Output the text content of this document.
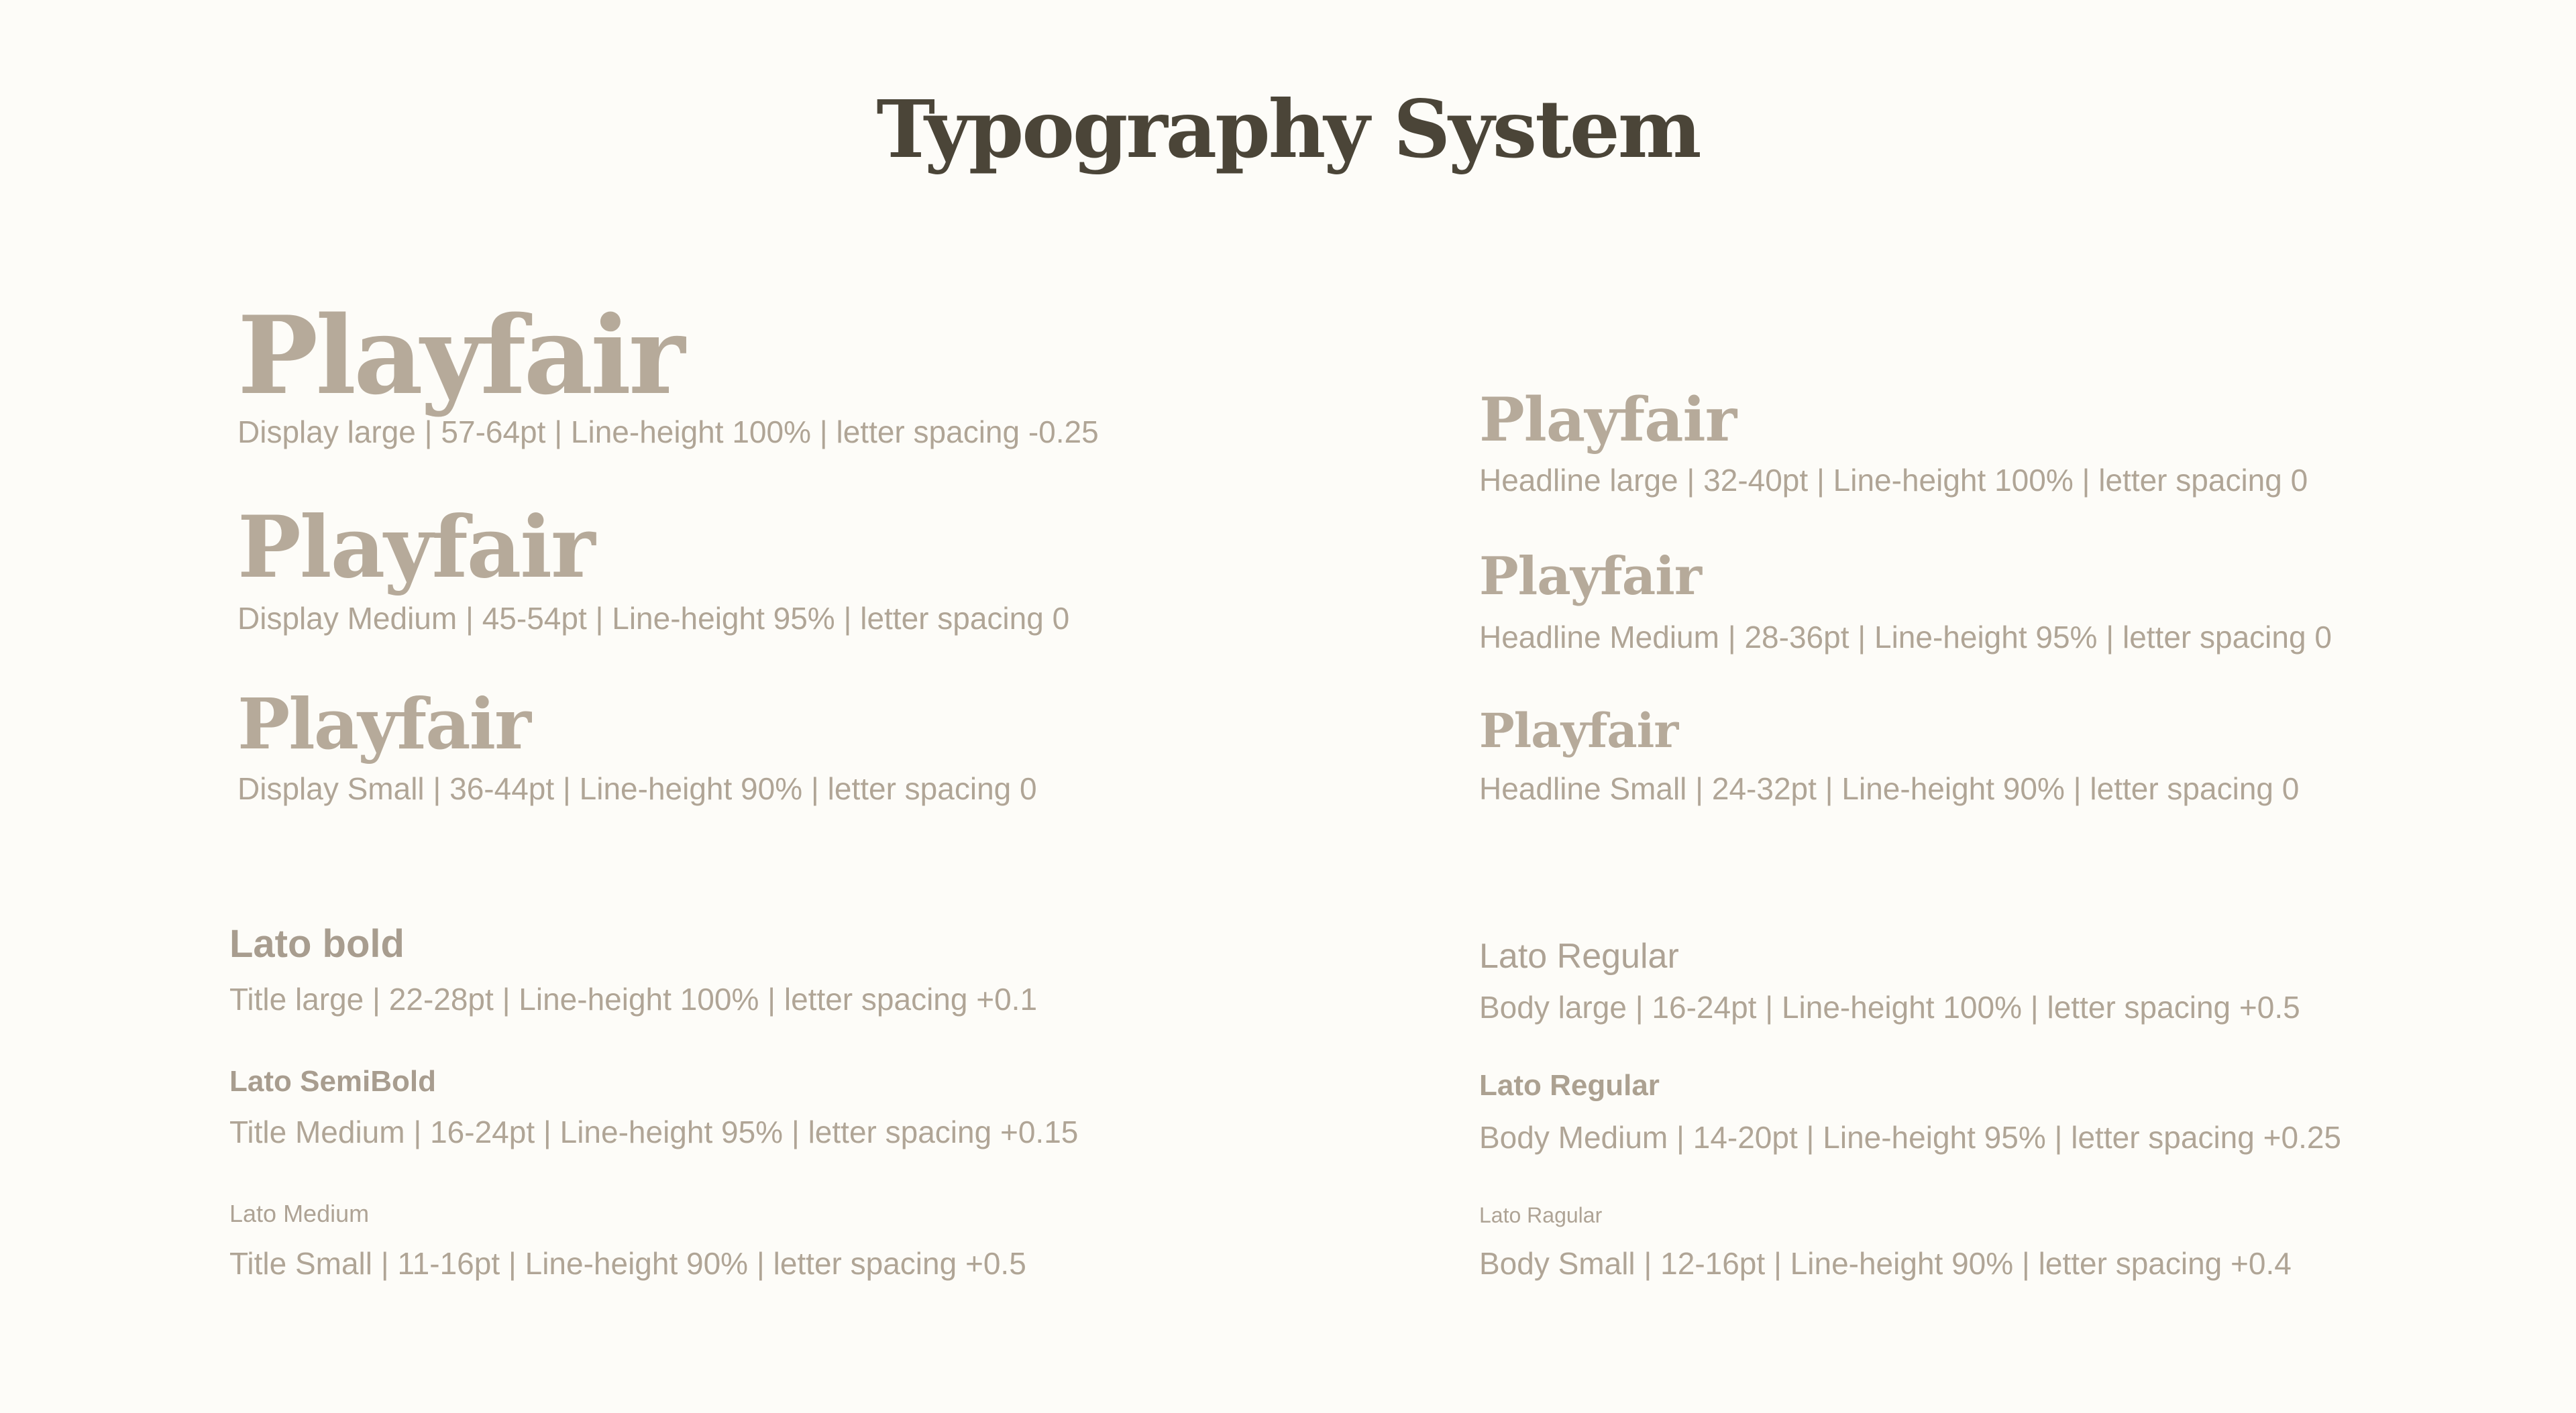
Typography System
Playfair
Display large | 57-64pt | Line-height 100% | letter spacing -0.25
Playfair
Display Medium | 45-54pt | Line-height 95% | letter spacing 0
Playfair
Display Small | 36-44pt | Line-height 90% | letter spacing 0
Playfair
Headline large | 32-40pt | Line-height 100% | letter spacing 0
Playfair
Headline Medium | 28-36pt | Line-height 95% | letter spacing 0
Playfair
Headline Small | 24-32pt | Line-height 90% | letter spacing 0
Lato bold
Title large | 22-28pt | Line-height 100% | letter spacing +0.1
Lato SemiBold
Title Medium | 16-24pt | Line-height 95% | letter spacing +0.15
Lato Medium
Title Small | 11-16pt | Line-height 90% | letter spacing +0.5
Lato Regular
Body large | 16-24pt | Line-height 100% | letter spacing +0.5
Lato Regular
Body Medium | 14-20pt | Line-height 95% | letter spacing +0.25
Lato Ragular
Body Small | 12-16pt | Line-height 90% | letter spacing +0.4
